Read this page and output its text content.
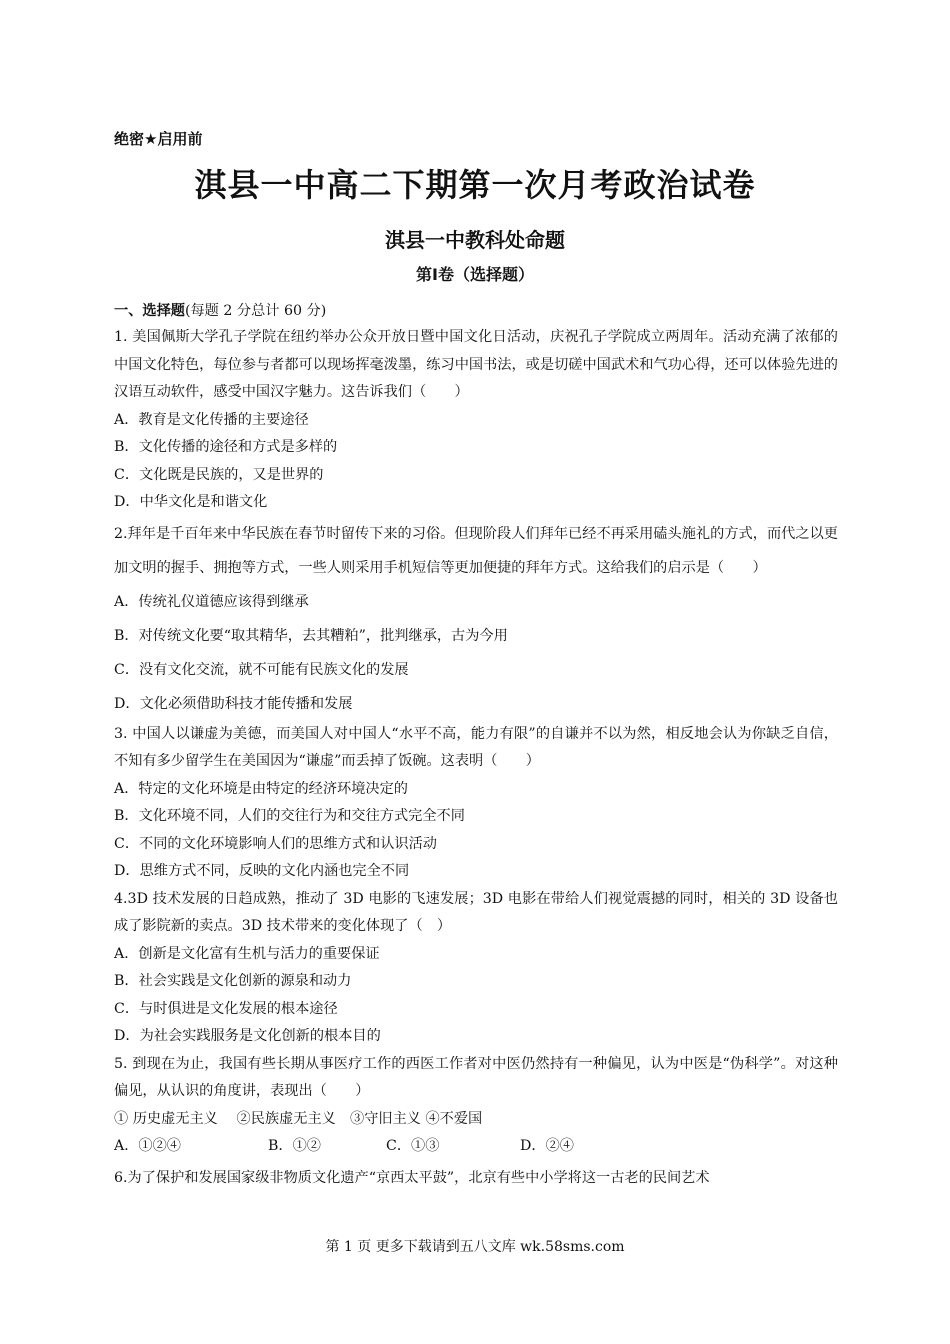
绝密★启用前
淇县一中高二下期第一次月考政治试卷
淇县一中教科处命题
第Ⅰ卷（选择题）
一、选择题(每题 2 分总计 60 分)
1. 美国佩斯大学孔子学院在纽约举办公众开放日暨中国文化日活动，庆祝孔子学院成立两周年。活动充满了浓郁的中国文化特色，每位参与者都可以现场挥毫泼墨，练习中国书法，或是切磋中国武术和气功心得，还可以体验先进的汉语互动软件，感受中国汉字魅力。这告诉我们（　　）
A．教育是文化传播的主要途径
B．文化传播的途径和方式是多样的
C．文化既是民族的，又是世界的
D．中华文化是和谐文化
2.拜年是千百年来中华民族在春节时留传下来的习俗。但现阶段人们拜年已经不再采用磕头施礼的方式，而代之以更加文明的握手、拥抱等方式，一些人则采用手机短信等更加便捷的拜年方式。这给我们的启示是（　　）
A．传统礼仪道德应该得到继承
B．对传统文化要“取其精华，去其糟粕”，批判继承，古为今用
C．没有文化交流，就不可能有民族文化的发展
D．文化必须借助科技才能传播和发展
3. 中国人以谦虚为美德，而美国人对中国人“水平不高，能力有限”的自谦并不以为然，相反地会认为你缺乏自信，不知有多少留学生在美国因为“谦虚”而丢掉了饭碗。这表明（　　）
A．特定的文化环境是由特定的经济环境决定的
B．文化环境不同，人们的交往行为和交往方式完全不同
C．不同的文化环境影响人们的思维方式和认识活动
D．思维方式不同，反映的文化内涵也完全不同
4.3D 技术发展的日趋成熟，推动了 3D 电影的飞速发展；3D 电影在带给人们视觉震撼的同时，相关的 3D 设备也成了影院新的卖点。3D 技术带来的变化体现了（　）
A．创新是文化富有生机与活力的重要保证
B．社会实践是文化创新的源泉和动力
C．与时俱进是文化发展的根本途径
D．为社会实践服务是文化创新的根本目的
5. 到现在为止，我国有些长期从事医疗工作的西医工作者对中医仍然持有一种偏见，认为中医是“伪科学”。对这种偏见，从认识的角度讲，表现出（　　）
① 历史虚无主义　 ②民族虚无主义　③守旧主义 ④不爱国
A．①②④	B．①②	C．①③	D．②④
6.为了保护和发展国家级非物质文化遗产“京西太平鼓”，北京有些中小学将这一古老的民间艺术
第 1 页 更多下载请到五八文库 wk.58sms.com
